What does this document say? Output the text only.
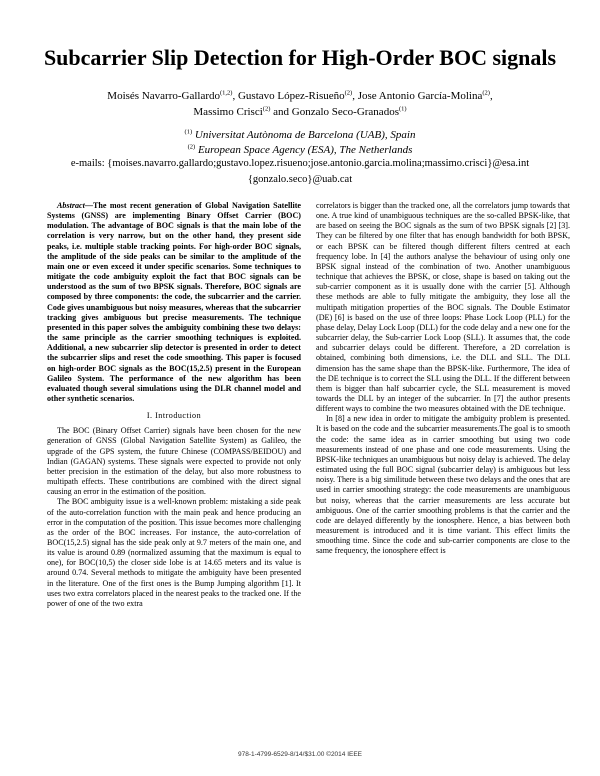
Subcarrier Slip Detection for High-Order BOC signals
Moisés Navarro-Gallardo$^{(1,2)}$, Gustavo López-Risueño$^{(2)}$, Jose Antonio García-Molina$^{(2)}$,
Massimo Crisci$^{(2)}$ and Gonzalo Seco-Granados$^{(1)}$
$^{(1)}$ Universitat Autònoma de Barcelona (UAB), Spain
$^{(2)}$ European Space Agency (ESA), The Netherlands
e-mails: {moises.navarro.gallardo;gustavo.lopez.risueno;jose.antonio.garcia.molina;massimo.crisci}@esa.int
{gonzalo.seco}@uab.cat

Abstract—The most recent generation of Global Navigation Satellite Systems (GNSS) are implementing Binary Offset Carrier (BOC) modulation. The advantage of BOC signals is that the main lobe of the correlation is very narrow, but on the other hand, they present side peaks, i.e. multiple stable tracking points. For high-order BOC signals, the amplitude of the side peaks can be similar to the amplitude of the main one or even exceed it under specific scenarios. Some techniques to mitigate the code ambiguity exploit the fact that BOC signals can be understood as the sum of two BPSK signals. Therefore, BOC signals are composed by three components: the code, the subcarrier and the carrier. Code gives unambiguous but noisy measures, whereas that the subcarrier tracking gives ambiguous but precise measurements. The technique presented in this paper solves the ambiguity combining these two delays: the same principle as the carrier smoothing techniques is exploited. Additional, a new subcarrier slip detector is presented in order to detect the subcarrier slips and reset the code smoothing. This paper is focused on high-order BOC signals as the BOC(15,2.5) present in the European Galileo System. The performance of the new algorithm has been evaluated though several simulations using the DLR channel model and other synthetic scenarios.

I. Introduction

The BOC (Binary Offset Carrier) signals have been chosen for the new generation of GNSS (Global Navigation Satellite System) as Galileo, the upgrade of the GPS system, the future Chinese (COMPASS/BEIDOU) and Indian (GAGAN) systems. These signals were expected to provide not only better precision in the estimation of the delay, but also more robustness to multipath effects. These contributions are combined with the direct signal causing an error in the estimation of the position.

The BOC ambiguity issue is a well-known problem: mistaking a side peak of the auto-correlation function with the main peak and hence producing an error in the computation of the position. This issue becomes more challenging as the order of the BOC increases. For instance, the auto-correlation of BOC(15,2.5) signal has the side peak only at 9.7 meters of the main one, and its value is around 0.89 (normalized assuming that the maximum is equal to one), for BOC(10,5) the closer side lobe is at 14.65 meters and its value is around 0.74. Several methods to mitigate the ambiguity have been presented in the literature. One of the first ones is the Bump Jumping algorithm [1]. It uses two extra correlators placed in the nearest peaks to the tracked one. If the power of one of the two extra

correlators is bigger than the tracked one, all the correlators jump towards that one. A true kind of unambiguous techniques are the so-called BPSK-like, that are based on seeing the BOC signals as the sum of two BPSK signals [2] [3]. They can be filtered by one filter that has enough bandwidth for both BPSK, or each BPSK can be filtered though different filters centred at each frequency lobe. In [4] the authors analyse the behaviour of using only one BPSK signal instead of the combination of two. Another unambiguous technique that achieves the BPSK, or close, shape is based on taking out the sub-carrier component as it is usually done with the carrier [5]. Although these methods are able to fully mitigate the ambiguity, they lose all the multipath mitigation properties of the BOC signals. The Double Estimator (DE) [6] is based on the use of three loops: Phase Lock Loop (PLL) for the phase delay, Delay Lock Loop (DLL) for the code delay and a new one for the subcarrier delay, the Sub-carrier Lock Loop (SLL). It assumes that, the code and subcarrier delays could be different. Therefore, a 2D correlation is obtained, combining both dimensions, i.e. the DLL and SLL. The DLL dimension has the same shape than the BPSK-like. Furthermore, The idea of the DE technique is to correct the SLL using the DLL. If the different between them is bigger than half subcarrier cycle, the SLL measurement is moved towards the DLL by an integer of the subcarrier. In [7] the author presents different ways to combine the two measures obtained with the DE technique.

In [8] a new idea in order to mitigate the ambiguity problem is presented. It is based on the code and the subcarrier measurements.The goal is to smooth the code: the same idea as in carrier smoothing but using two code measurements instead of one phase and one code measurements. Using the BPSK-like techniques an unambiguous but noisy delay is achieved. The delay estimated using the full BOC signal (subcarrier delay) is ambiguous but less noisy. There is a big similitude between these two delays and the ones that are used in carrier smoothing strategy: the code measurements are unambiguous but noisy, whereas that the carrier measurements are less accurate but ambiguous. One of the carrier smoothing problems is that the carrier and the code are delayed differently by the ionosphere. Hence, a bias between both measurement is introduced and it is time variant. This effect limits the smoothing time. Since the code and sub-carrier components are close to the same frequency, the ionosphere effect is

978-1-4799-6529-8/14/$31.00 ©2014 IEEE
